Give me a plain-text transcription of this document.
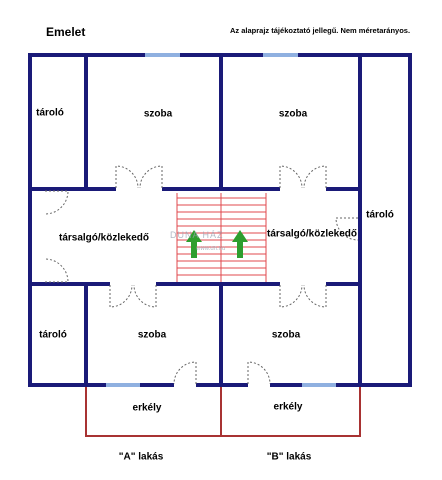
DUNA HÁZ
www.dh.hu

Emelet	Az alaprajz tájékoztató jellegű. Nem méretarányos.

tároló	szoba	szoba

társalgó/közlekedő	társalgó/közlekedő

tároló

tároló	szoba	szoba

erkély	erkély

"A" lakás	"B" lakás
